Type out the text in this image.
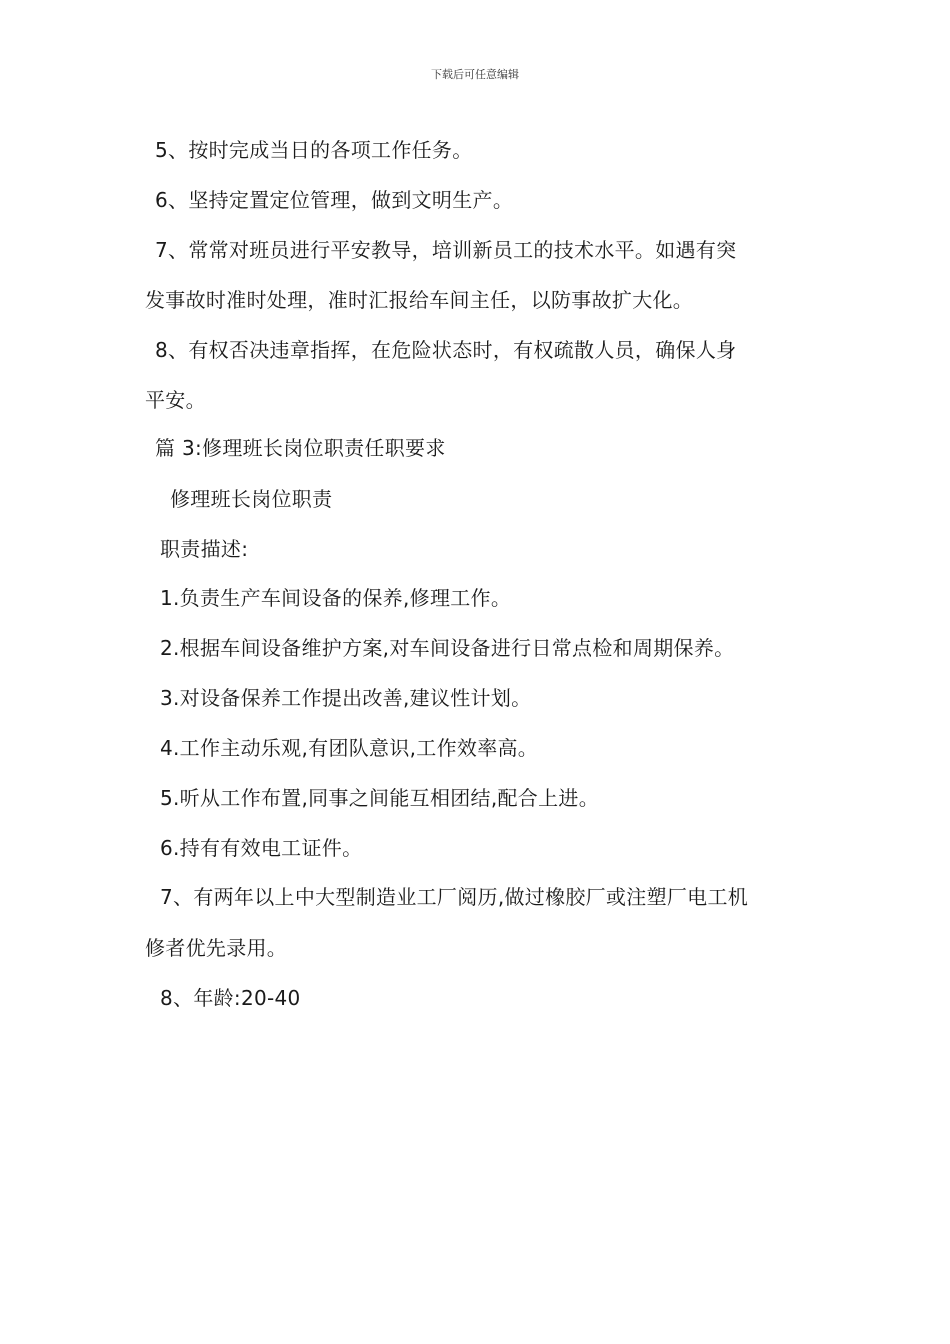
下载后可任意编辑
5、按时完成当日的各项工作任务。
6、坚持定置定位管理，做到文明生产。
7、常常对班员进行平安教导，培训新员工的技术水平。如遇有突
发事故时准时处理，准时汇报给车间主任，以防事故扩大化。
8、有权否决违章指挥，在危险状态时，有权疏散人员，确保人身
平安。
篇 3:修理班长岗位职责任职要求
修理班长岗位职责
职责描述:
1.负责生产车间设备的保养,修理工作。
2.根据车间设备维护方案,对车间设备进行日常点检和周期保养。
3.对设备保养工作提出改善,建议性计划。
4.工作主动乐观,有团队意识,工作效率高。
5.听从工作布置,同事之间能互相团结,配合上进。
6.持有有效电工证件。
7、有两年以上中大型制造业工厂阅历,做过橡胶厂或注塑厂电工机
修者优先录用。
8、年龄:20-40
